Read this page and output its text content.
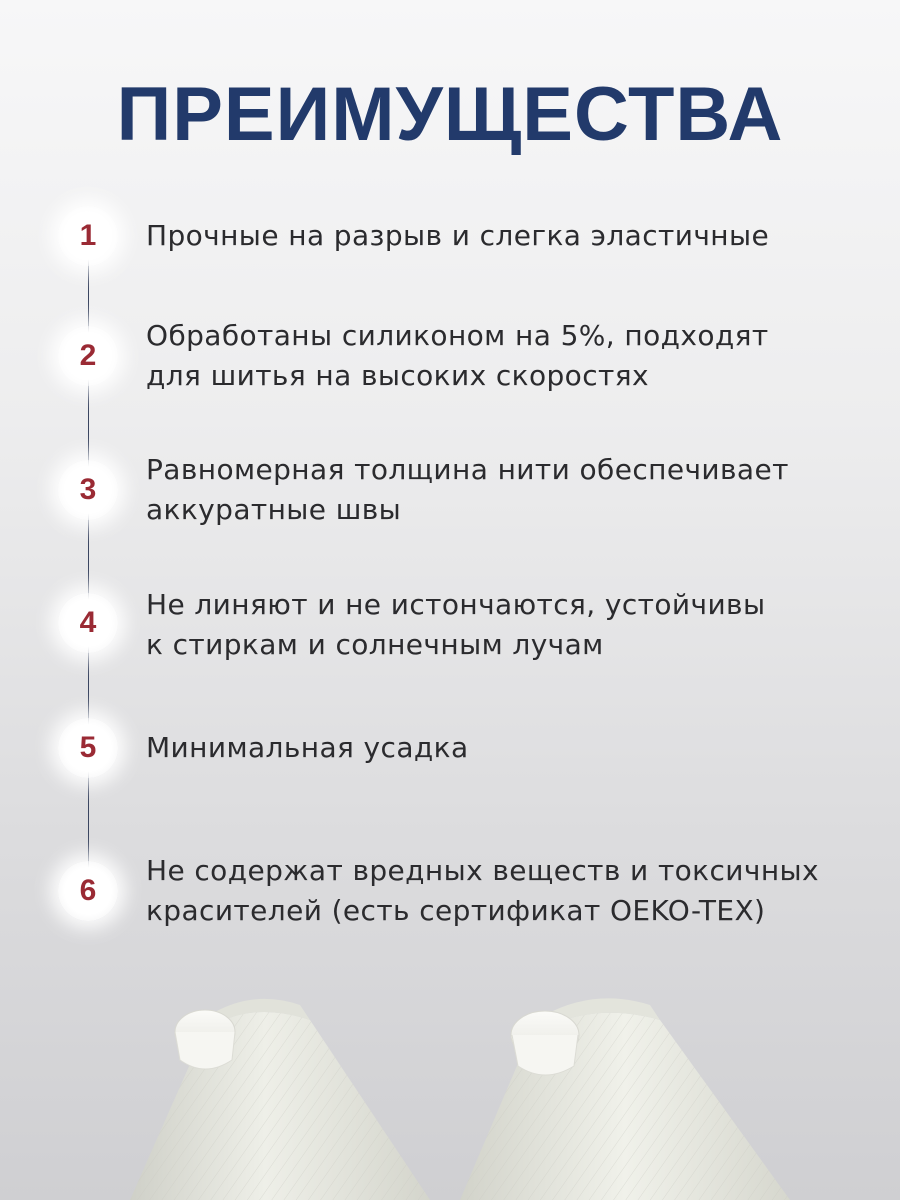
ПРЕИМУЩЕСТВА
1 Прочные на разрыв и слегка эластичные
2
Обработаны силиконом на 5%, подходят
для шитья на высоких скоростях
3
Равномерная толщина нити обеспечивает
аккуратные швы
4
Не линяют и не истончаются, устойчивы
к стиркам и солнечным лучам
5 Минимальная усадка
6
Не содержат вредных веществ и токсичных
красителей (есть сертификат OEKO-TEX)
